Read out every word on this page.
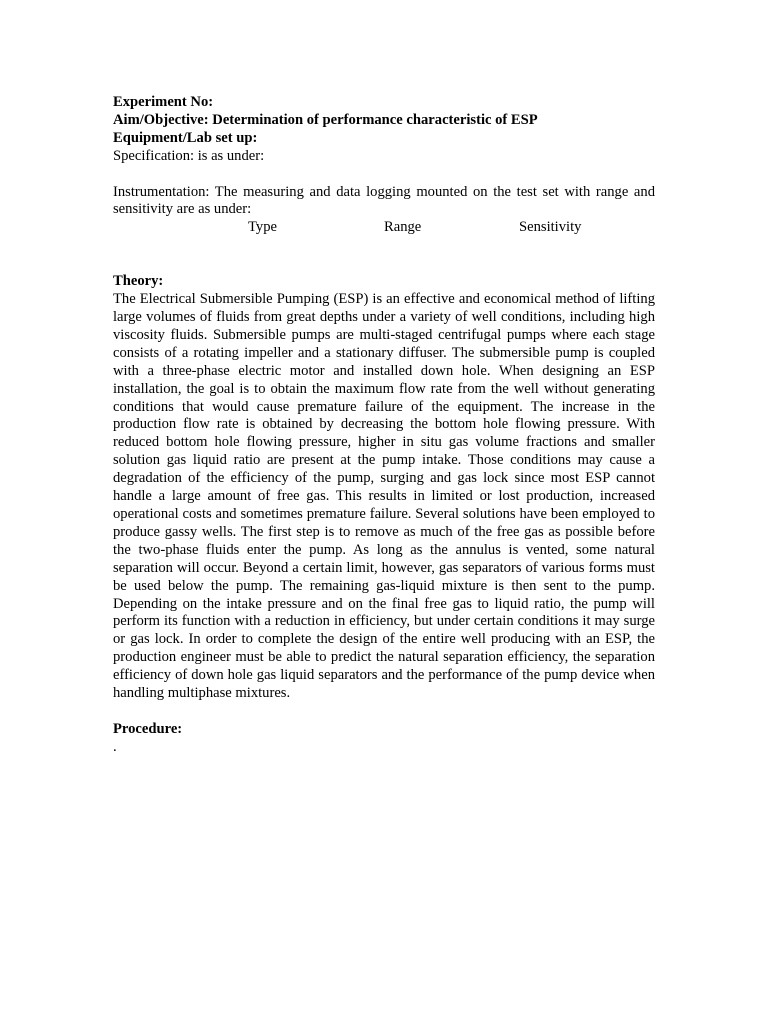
Experiment No:
Aim/Objective: Determination of performance characteristic of ESP
Equipment/Lab set up:
Specification: is as under:
Instrumentation: The measuring and data logging mounted on the test set with range and sensitivity are as under:
Type	Range	Sensitivity
Theory:
The Electrical Submersible Pumping (ESP) is an effective and economical method of lifting large volumes of fluids from great depths under a variety of well conditions, including high viscosity fluids. Submersible pumps are multi-staged centrifugal pumps where each stage consists of a rotating impeller and a stationary diffuser. The submersible pump is coupled with a three-phase electric motor and installed down hole. When designing an ESP installation, the goal is to obtain the maximum flow rate from the well without generating conditions that would cause premature failure of the equipment. The increase in the production flow rate is obtained by decreasing the bottom hole flowing pressure. With reduced bottom hole flowing pressure, higher in situ gas volume fractions and smaller solution gas liquid ratio are present at the pump intake. Those conditions may cause a degradation of the efficiency of the pump, surging and gas lock since most ESP cannot handle a large amount of free gas. This results in limited or lost production, increased operational costs and sometimes premature failure. Several solutions have been employed to produce gassy wells. The first step is to remove as much of the free gas as possible before the two-phase fluids enter the pump. As long as the annulus is vented, some natural separation will occur. Beyond a certain limit, however, gas separators of various forms must be used below the pump. The remaining gas-liquid mixture is then sent to the pump. Depending on the intake pressure and on the final free gas to liquid ratio, the pump will perform its function with a reduction in efficiency, but under certain conditions it may surge or gas lock. In order to complete the design of the entire well producing with an ESP, the production engineer must be able to predict the natural separation efficiency, the separation efficiency of down hole gas liquid separators and the performance of the pump device when handling multiphase mixtures.
Procedure:
.
